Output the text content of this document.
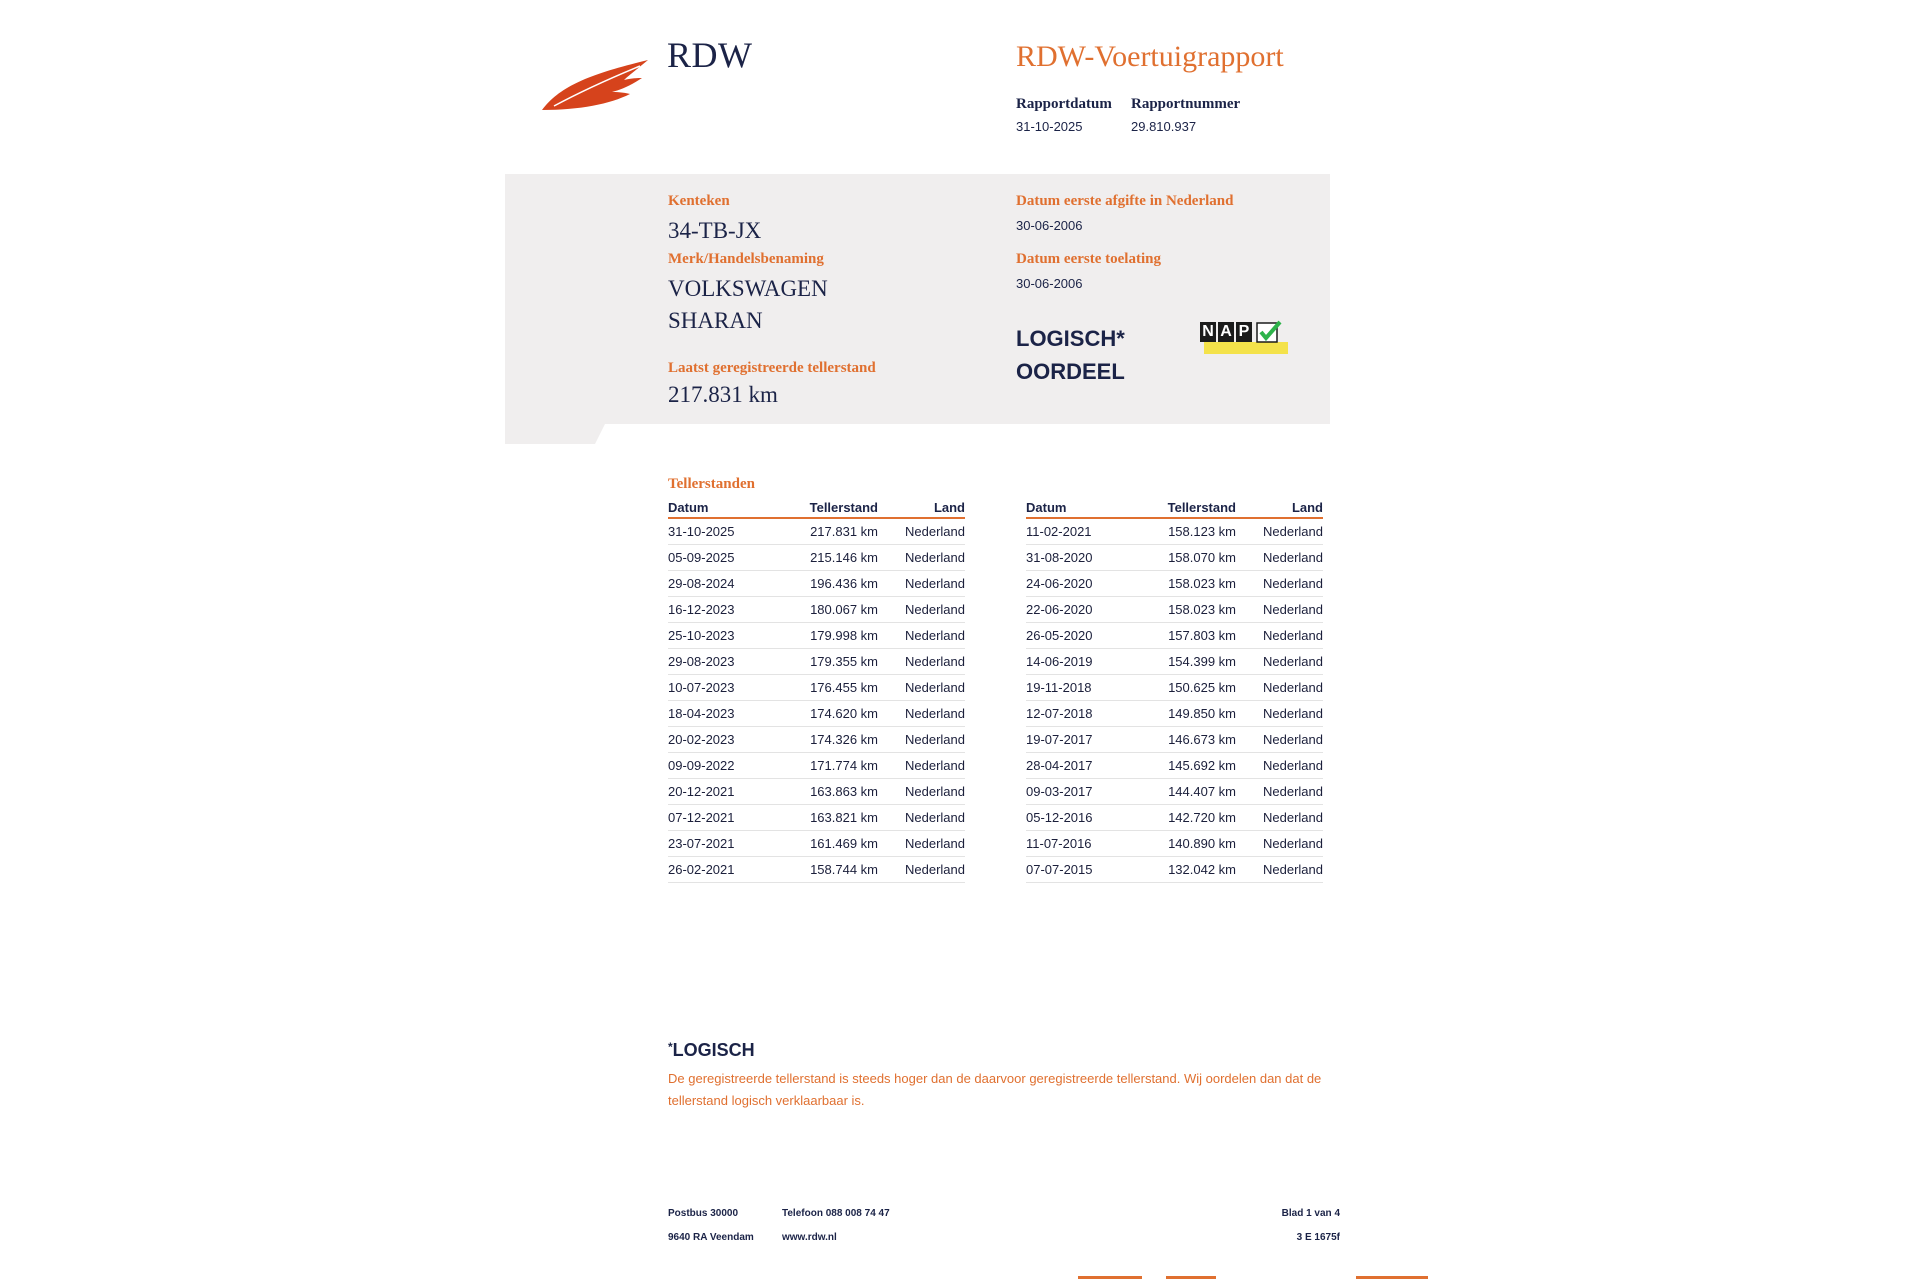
RDW	RDW-Voertuigrapport
Rapportdatum
31-10-2025
Rapportnummer
29.810.937
Kenteken
34-TB-JX
Merk/Handelsbenaming
VOLKSWAGEN
SHARAN
Laatst geregistreerde tellerstand
217.831 km
Datum eerste afgifte in Nederland
30-06-2006
Datum eerste toelating
30-06-2006
LOGISCH*
OORDEEL
N A P
Tellerstanden
Datum	Tellerstand	Land
31-10-2025	217.831 km	Nederland
05-09-2025	215.146 km	Nederland
29-08-2024	196.436 km	Nederland
16-12-2023	180.067 km	Nederland
25-10-2023	179.998 km	Nederland
29-08-2023	179.355 km	Nederland
10-07-2023	176.455 km	Nederland
18-04-2023	174.620 km	Nederland
20-02-2023	174.326 km	Nederland
09-09-2022	171.774 km	Nederland
20-12-2021	163.863 km	Nederland
07-12-2021	163.821 km	Nederland
23-07-2021	161.469 km	Nederland
26-02-2021	158.744 km	Nederland
Datum	Tellerstand	Land
11-02-2021	158.123 km	Nederland
31-08-2020	158.070 km	Nederland
24-06-2020	158.023 km	Nederland
22-06-2020	158.023 km	Nederland
26-05-2020	157.803 km	Nederland
14-06-2019	154.399 km	Nederland
19-11-2018	150.625 km	Nederland
12-07-2018	149.850 km	Nederland
19-07-2017	146.673 km	Nederland
28-04-2017	145.692 km	Nederland
09-03-2017	144.407 km	Nederland
05-12-2016	142.720 km	Nederland
11-07-2016	140.890 km	Nederland
07-07-2015	132.042 km	Nederland
*LOGISCH
De geregistreerde tellerstand is steeds hoger dan de daarvoor geregistreerde tellerstand. Wij oordelen dan dat de tellerstand logisch verklaarbaar is.
Postbus 30000
9640 RA Veendam
Telefoon 088 008 74 47
www.rdw.nl
Blad 1 van 4
3 E 1675f
